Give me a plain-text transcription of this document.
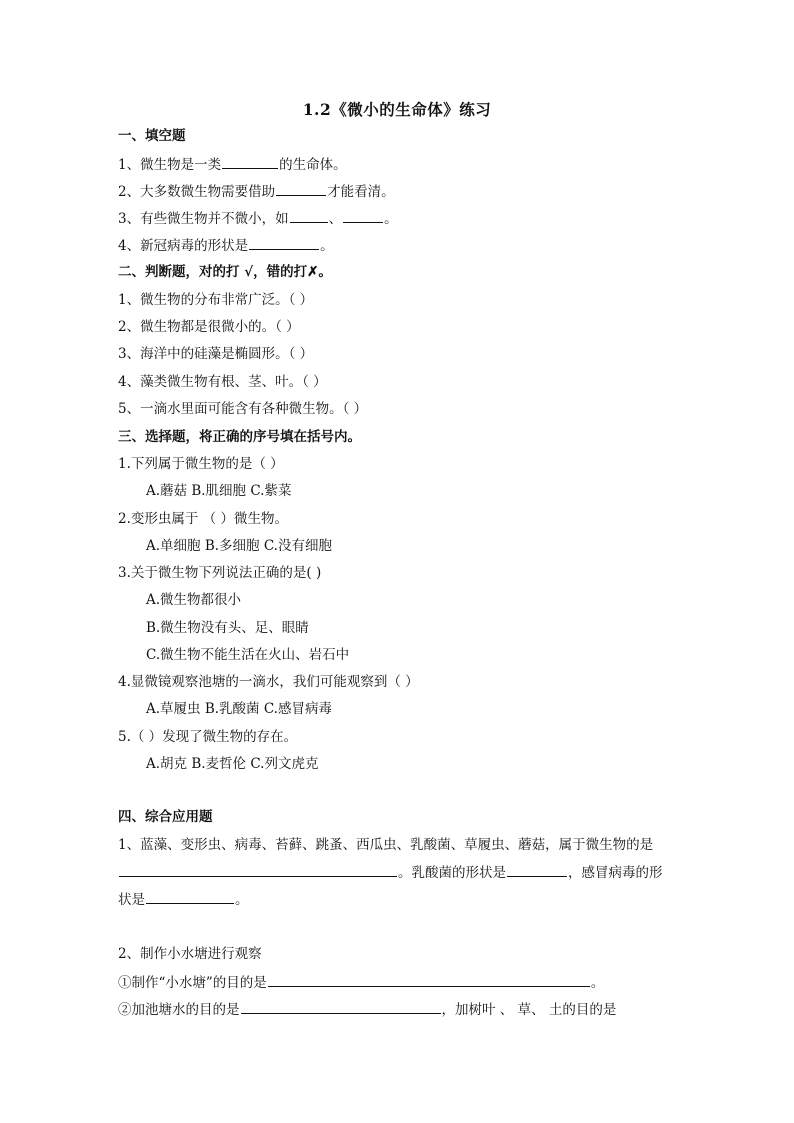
1.2《微小的生命体》练习
一、填空题
1、微生物是一类	的生命体。
2、大多数微生物需要借助	才能看清。
3、有些微生物并不微小，如	、	。
4、新冠病毒的形状是	。
二、判断题，对的打 √，错的打✗。
1、微生物的分布非常广泛。（ ）
2、微生物都是很微小的。（ ）
3、海洋中的硅藻是椭圆形。（ ）
4、藻类微生物有根、茎、叶。（ ）
5、一滴水里面可能含有各种微生物。（ ）
三、选择题，将正确的序号填在括号内。
1.下列属于微生物的是（ ）
A.蘑菇 B.肌细胞 C.紫菜
2.变形虫属于 （ ）微生物。
A.单细胞 B.多细胞 C.没有细胞
3.关于微生物下列说法正确的是( )
A.微生物都很小
B.微生物没有头、足、眼睛
C.微生物不能生活在火山、岩石中
4.显微镜观察池塘的一滴水，我们可能观察到（ ）
A.草履虫 B.乳酸菌 C.感冒病毒
5.（ ）发现了微生物的存在。
A.胡克 B.麦哲伦 C.列文虎克
四、综合应用题
1、蓝藻、变形虫、病毒、苔藓、跳蚤、西瓜虫、乳酸菌、草履虫、蘑菇，属于微生物的是
。乳酸菌的形状是	，感冒病毒的形
状是	。
2、制作小水塘进行观察
①制作“小水塘”的目的是	。
②加池塘水的目的是	，加树叶 、 草、 土的目的是
